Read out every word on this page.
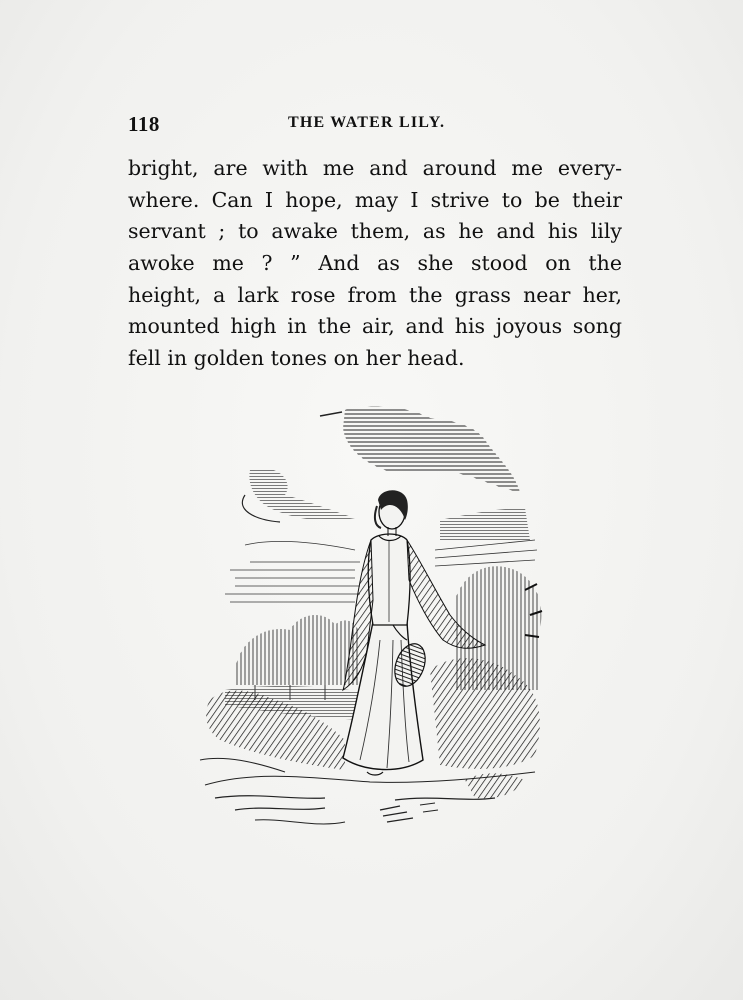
118	THE WATER LILY.
bright, are with me and around me every-
where. Can I hope, may I strive to be their
servant ; to awake them, as he and his lily
awoke me ? ” And as she stood on the
height, a lark rose from the grass near her,
mounted high in the air, and his joyous song
fell in golden tones on her head.
